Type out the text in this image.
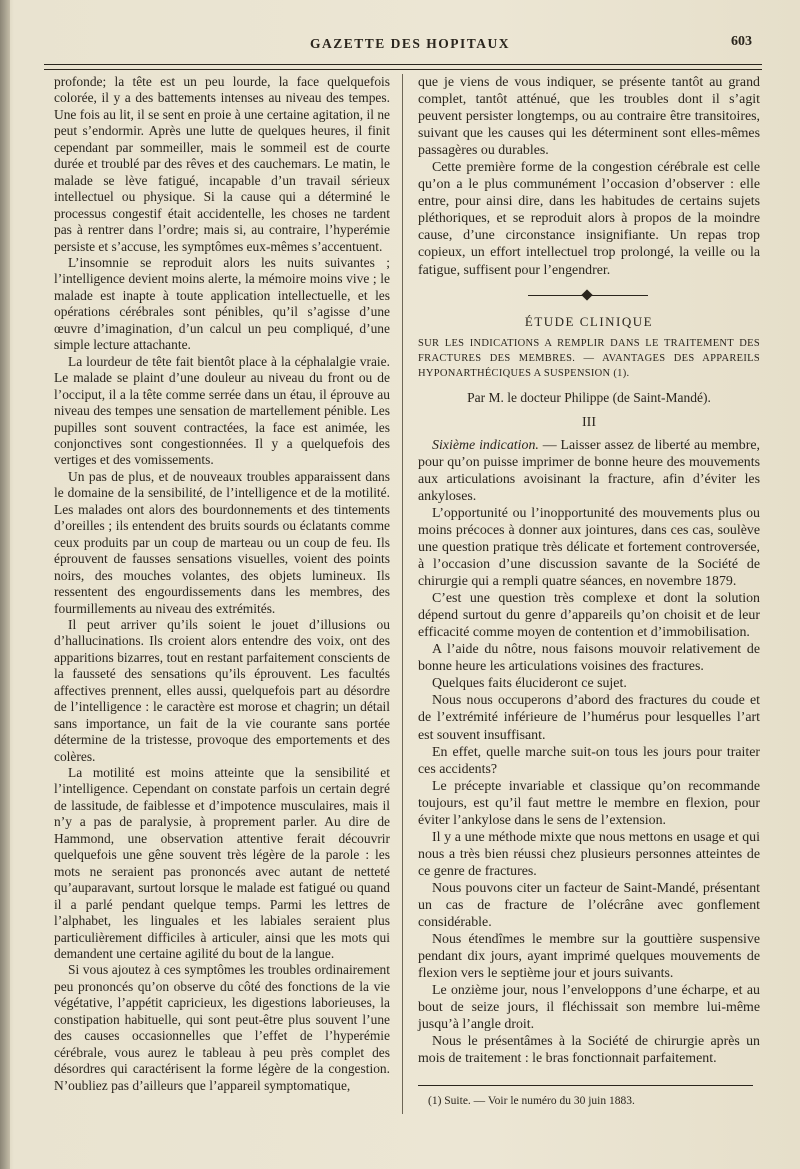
GAZETTE DES HOPITAUX	603

profonde; la tête est un peu lourde, la face quelquefois colorée, il y a des battements intenses au niveau des tempes. Une fois au lit, il se sent en proie à une certaine agitation, il ne peut s’endormir. Après une lutte de quelques heures, il finit cependant par sommeiller, mais le sommeil est de courte durée et troublé par des rêves et des cauchemars. Le matin, le malade se lève fatigué, incapable d’un travail sérieux intellectuel ou physique. Si la cause qui a déterminé le processus congestif était accidentelle, les choses ne tardent pas à rentrer dans l’ordre; mais si, au contraire, l’hyperémie persiste et s’accuse, les symptômes eux-mêmes s’accentuent.

L’insomnie se reproduit alors les nuits suivantes ; l’intelligence devient moins alerte, la mémoire moins vive ; le malade est inapte à toute application intellectuelle, et les opérations cérébrales sont pénibles, qu’il s’agisse d’une œuvre d’imagination, d’un calcul un peu compliqué, d’une simple lecture attachante.

La lourdeur de tête fait bientôt place à la céphalalgie vraie. Le malade se plaint d’une douleur au niveau du front ou de l’occiput, il a la tête comme serrée dans un étau, il éprouve au niveau des tempes une sensation de martellement pénible. Les pupilles sont souvent contractées, la face est animée, les conjonctives sont congestionnées. Il y a quelquefois des vertiges et des vomissements.

Un pas de plus, et de nouveaux troubles apparaissent dans le domaine de la sensibilité, de l’intelligence et de la motilité. Les malades ont alors des bourdonnements et des tintements d’oreilles ; ils entendent des bruits sourds ou éclatants comme ceux produits par un coup de marteau ou un coup de feu. Ils éprouvent de fausses sensations visuelles, voient des points noirs, des mouches volantes, des objets lumineux. Ils ressentent des engourdissements dans les membres, des fourmillements au niveau des extrémités.

Il peut arriver qu’ils soient le jouet d’illusions ou d’hallucinations. Ils croient alors entendre des voix, ont des apparitions bizarres, tout en restant parfaitement conscients de la fausseté des sensations qu’ils éprouvent. Les facultés affectives prennent, elles aussi, quelquefois part au désordre de l’intelligence : le caractère est morose et chagrin; un détail sans importance, un fait de la vie courante sans portée détermine de la tristesse, provoque des emportements et des colères.

La motilité est moins atteinte que la sensibilité et l’intelligence. Cependant on constate parfois un certain degré de lassitude, de faiblesse et d’impotence musculaires, mais il n’y a pas de paralysie, à proprement parler. Au dire de Hammond, une observation attentive ferait découvrir quelquefois une gêne souvent très légère de la parole : les mots ne seraient pas prononcés avec autant de netteté qu’auparavant, surtout lorsque le malade est fatigué ou quand il a parlé pendant quelque temps. Parmi les lettres de l’alphabet, les linguales et les labiales seraient plus particulièrement difficiles à articuler, ainsi que les mots qui demandent une certaine agilité du bout de la langue.

Si vous ajoutez à ces symptômes les troubles ordinairement peu prononcés qu’on observe du côté des fonctions de la vie végétative, l’appétit capricieux, les digestions laborieuses, la constipation habituelle, qui sont peut-être plus souvent l’une des causes occasionnelles que l’effet de l’hyperémie cérébrale, vous aurez le tableau à peu près complet des désordres qui caractérisent la forme légère de la congestion. N’oubliez pas d’ailleurs que l’appareil symptomatique,

que je viens de vous indiquer, se présente tantôt au grand complet, tantôt atténué, que les troubles dont il s’agit peuvent persister longtemps, ou au contraire être transitoires, suivant que les causes qui les déterminent sont elles-mêmes passagères ou durables.

Cette première forme de la congestion cérébrale est celle qu’on a le plus communément l’occasion d’observer : elle entre, pour ainsi dire, dans les habitudes de certains sujets pléthoriques, et se reproduit alors à propos de la moindre cause, d’une circonstance insignifiante. Un repas trop copieux, un effort intellectuel trop prolongé, la veille ou la fatigue, suffisent pour l’engendrer.

ÉTUDE CLINIQUE
SUR LES INDICATIONS A REMPLIR DANS LE TRAITEMENT DES FRACTURES DES MEMBRES. — AVANTAGES DES APPAREILS HYPONARTHÉCIQUES A SUSPENSION (1).
Par M. le docteur Philippe (de Saint-Mandé).
III

Sixième indication. — Laisser assez de liberté au membre, pour qu’on puisse imprimer de bonne heure des mouvements aux articulations avoisinant la fracture, afin d’éviter les ankyloses.

L’opportunité ou l’inopportunité des mouvements plus ou moins précoces à donner aux jointures, dans ces cas, soulève une question pratique très délicate et fortement controversée, à l’occasion d’une discussion savante de la Société de chirurgie qui a rempli quatre séances, en novembre 1879.

C’est une question très complexe et dont la solution dépend surtout du genre d’appareils qu’on choisit et de leur efficacité comme moyen de contention et d’immobilisation.

A l’aide du nôtre, nous faisons mouvoir relativement de bonne heure les articulations voisines des fractures.

Quelques faits élucideront ce sujet.

Nous nous occuperons d’abord des fractures du coude et de l’extrémité inférieure de l’humérus pour lesquelles l’art est souvent insuffisant.

En effet, quelle marche suit-on tous les jours pour traiter ces accidents?

Le précepte invariable et classique qu’on recommande toujours, est qu’il faut mettre le membre en flexion, pour éviter l’ankylose dans le sens de l’extension.

Il y a une méthode mixte que nous mettons en usage et qui nous a très bien réussi chez plusieurs personnes atteintes de ce genre de fractures.

Nous pouvons citer un facteur de Saint-Mandé, présentant un cas de fracture de l’olécrâne avec gonflement considérable.

Nous étendîmes le membre sur la gouttière suspensive pendant dix jours, ayant imprimé quelques mouvements de flexion vers le septième jour et jours suivants.

Le onzième jour, nous l’enveloppons d’une écharpe, et au bout de seize jours, il fléchissait son membre lui-même jusqu’à l’angle droit.

Nous le présentâmes à la Société de chirurgie après un mois de traitement : le bras fonctionnait parfaitement.

(1) Suite. — Voir le numéro du 30 juin 1883.
